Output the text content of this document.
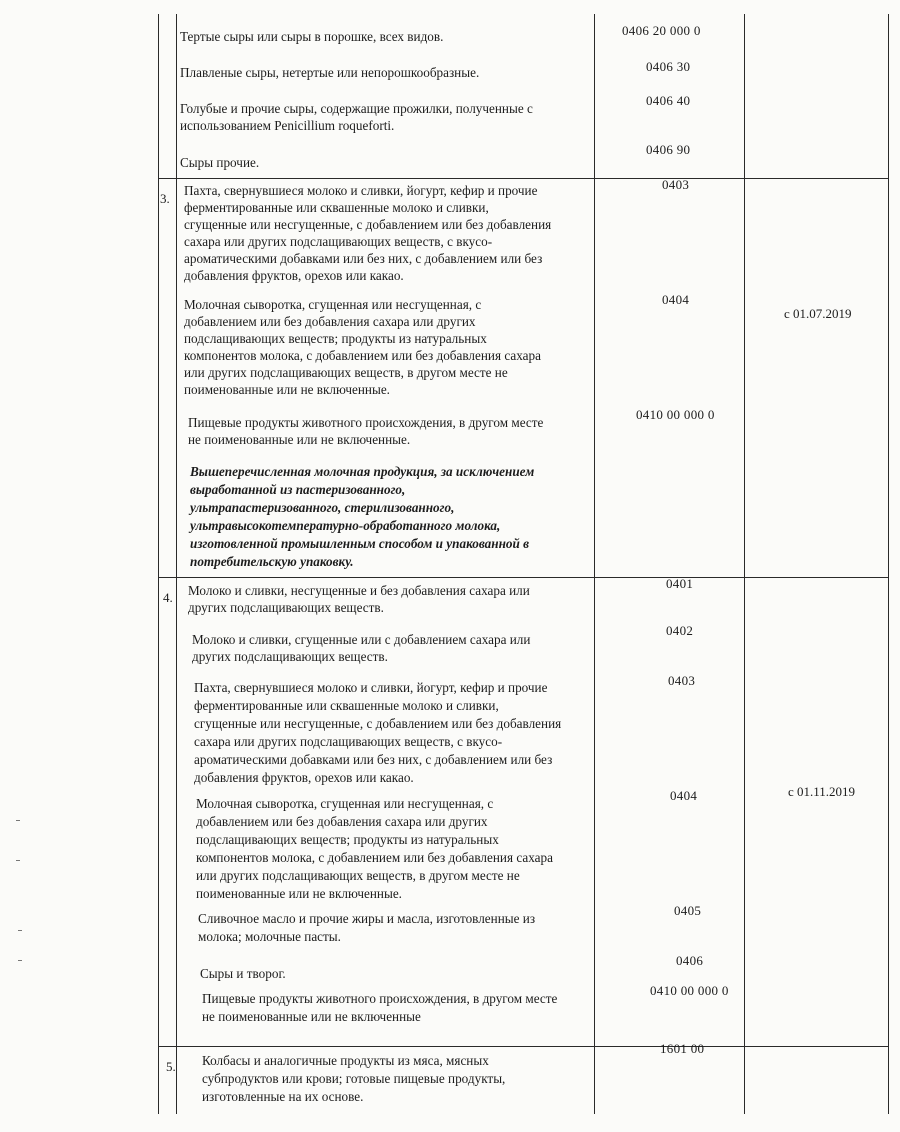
Тертые сыры или сыры в порошке, всех видов.	0406 20 000 0

Плавленые сыры, нетертые или непорошкообразные.	0406 30

Голубые и прочие сыры, содержащие прожилки, полученные с

использованием Penicillium roqueforti.

0406 40

Сыры прочие.

0406 90
3.
с 01.07.2019
0403

Пахта, свернувшиеся молоко и сливки, йогурт, кефир и прочие

ферментированные или сквашенные молоко и сливки,

сгущенные или несгущенные, с добавлением или без добавления

сахара или других подслащивающих веществ, с вкусо-

ароматическими добавками или без них, с добавлением или без

добавления фруктов, орехов или какао.

0404

Молочная сыворотка, сгущенная или несгущенная, с

добавлением или без добавления сахара или других

подслащивающих веществ; продукты из натуральных

компонентов молока, с добавлением или без добавления сахара

или других подслащивающих веществ, в другом месте не

поименованные или не включенные.

0410 00 000 0

Пищевые продукты животного происхождения, в другом месте

не поименованные или не включенные.

Вышеперечисленная молочная продукция, за исключением

выработанной из пастеризованного,

ультрапастеризованного, стерилизованного,

ультравысокотемпературно-обработанного молока,

изготовленной промышленным способом и упакованной в

потребительскую упаковку.

4.
с 01.11.2019
0401

Молоко и сливки, несгущенные и без добавления сахара или

других подслащивающих веществ.

0402

Молоко и сливки, сгущенные или с добавлением сахара или

других подслащивающих веществ.

0403

Пахта, свернувшиеся молоко и сливки, йогурт, кефир и прочие

ферментированные или сквашенные молоко и сливки,

сгущенные или несгущенные, с добавлением или без добавления

сахара или других подслащивающих веществ, с вкусо-

ароматическими добавками или без них, с добавлением или без

добавления фруктов, орехов или какао.

0404

Молочная сыворотка, сгущенная или несгущенная, с

добавлением или без добавления сахара или других

подслащивающих веществ; продукты из натуральных

компонентов молока, с добавлением или без добавления сахара

или других подслащивающих веществ, в другом месте не

поименованные или не включенные.

0405

Сливочное масло и прочие жиры и масла, изготовленные из

молока; молочные пасты.

0406

Сыры и творог.

0410 00 000 0

Пищевые продукты животного происхождения, в другом месте

не поименованные или не включенные

5.
1601 00

Колбасы и аналогичные продукты из мяса, мясных

субпродуктов или крови; готовые пищевые продукты,

изготовленные на их основе.
